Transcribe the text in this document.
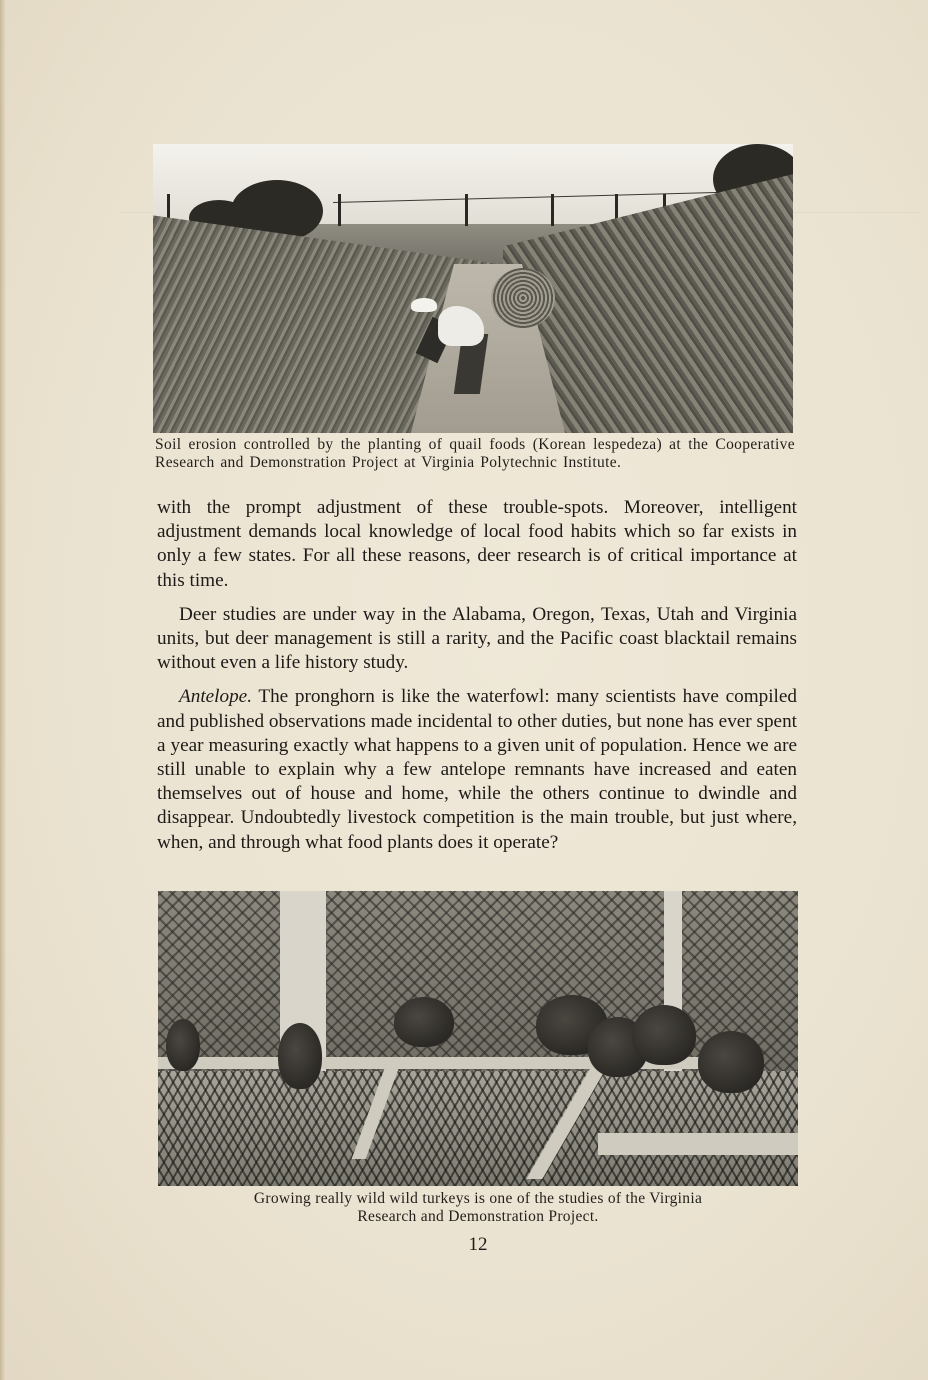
Soil erosion controlled by the planting of quail foods (Korean lespedeza) at the Cooperative Research and Demonstration Project at Virginia Polytechnic Institute.

with the prompt adjustment of these trouble-spots. Moreover, intelligent adjustment demands local knowledge of local food habits which so far exists in only a few states. For all these reasons, deer research is of critical importance at this time.

Deer studies are under way in the Alabama, Oregon, Texas, Utah and Virginia units, but deer management is still a rarity, and the Pacific coast blacktail remains without even a life history study.

Antelope. The pronghorn is like the waterfowl: many scientists have compiled and published observations made incidental to other duties, but none has ever spent a year measuring exactly what happens to a given unit of population. Hence we are still unable to explain why a few antelope remnants have increased and eaten themselves out of house and home, while the others continue to dwindle and disappear. Undoubtedly livestock competition is the main trouble, but just where, when, and through what food plants does it operate?

Growing really wild wild turkeys is one of the studies of the Virginia
Research and Demonstration Project.
12
